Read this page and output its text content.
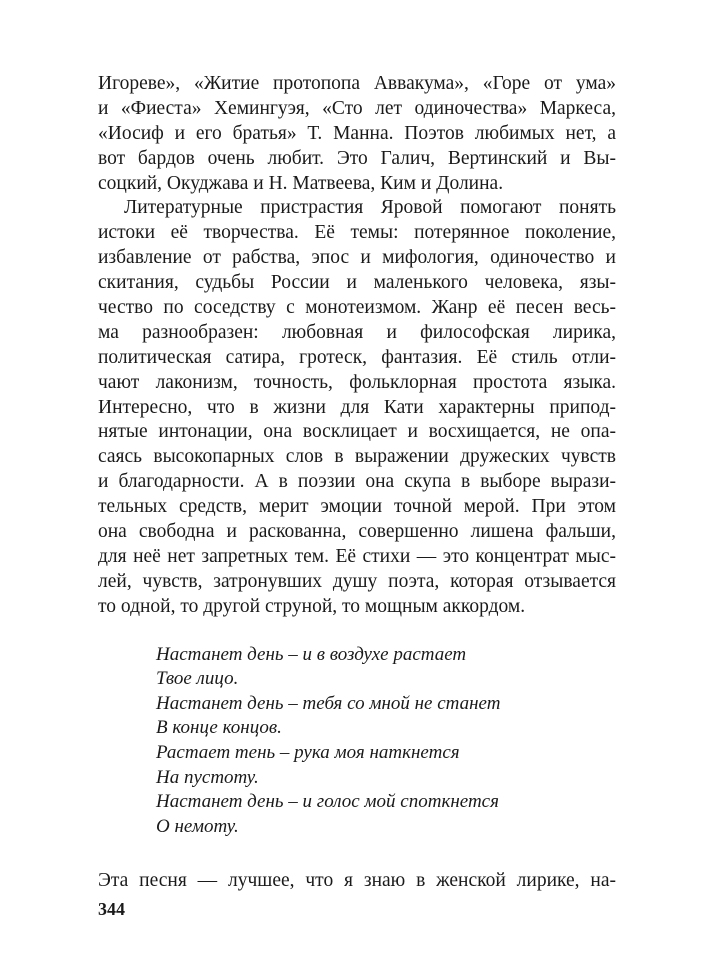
Игореве», «Житие протопопа Аввакума», «Горе от ума»
и «Фиеста» Хемингуэя, «Сто лет одиночества» Маркеса,
«Иосиф и его братья» Т. Манна. Поэтов любимых нет, а
вот бардов очень любит. Это Галич, Вертинский и Вы-
соцкий, Окуджава и Н. Матвеева, Ким и Долина.
Литературные пристрастия Яровой помогают понять
истоки её творчества. Её темы: потерянное поколение,
избавление от рабства, эпос и мифология, одиночество и
скитания, судьбы России и маленького человека, язы-
чество по соседству с монотеизмом. Жанр её песен весь-
ма разнообразен: любовная и философская лирика,
политическая сатира, гротеск, фантазия. Её стиль отли-
чают лаконизм, точность, фольклорная простота языка.
Интересно, что в жизни для Кати характерны припод-
нятые интонации, она восклицает и восхищается, не опа-
саясь высокопарных слов в выражении дружеских чувств
и благодарности. А в поэзии она скупа в выборе вырази-
тельных средств, мерит эмоции точной мерой. При этом
она свободна и раскованна, совершенно лишена фальши,
для неё нет запретных тем. Её стихи — это концентрат мыс-
лей, чувств, затронувших душу поэта, которая отзывается
то одной, то другой струной, то мощным аккордом.
Настанет день – и в воздухе растает
Твое лицо.
Настанет день – тебя со мной не станет
В конце концов.
Растает тень – рука моя наткнется
На пустоту.
Настанет день – и голос мой споткнется
О немоту.
Эта песня — лучшее, что я знаю в женской лирике, на-
344
